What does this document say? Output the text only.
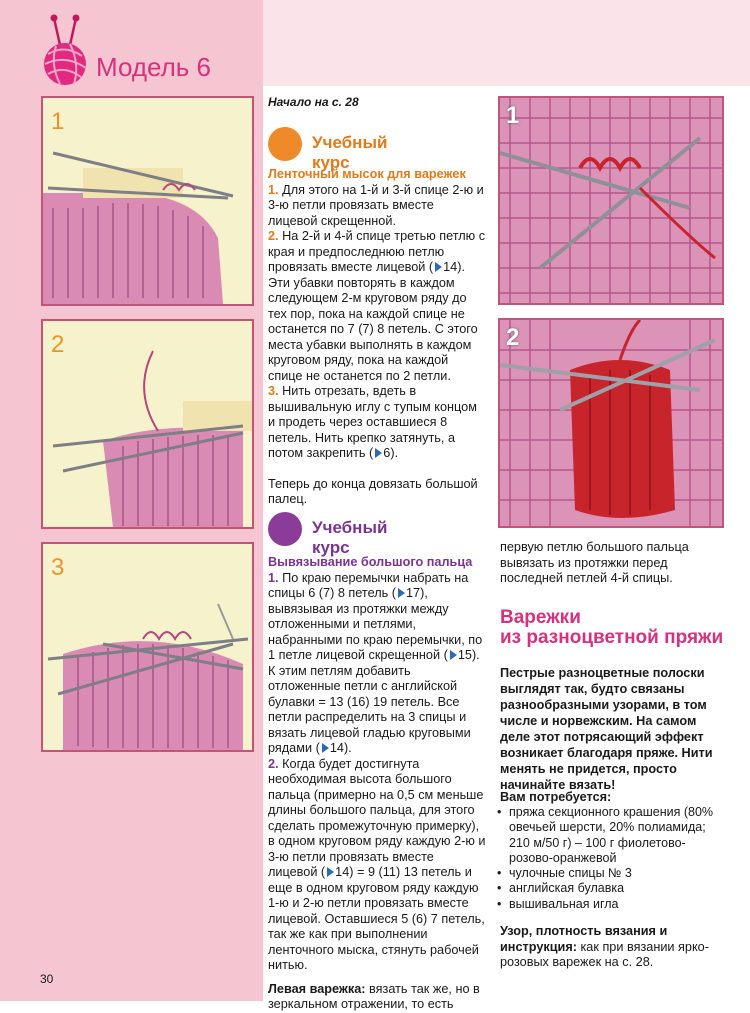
Модель 6
1
2
3
Начало на с. 28
Учебный курс

Ленточный мысок для варежек

1. Для этого на 1-й и 3-й спице 2-ю и 3-ю петли провязать вместе лицевой скрещенной.

2. На 2-й и 4-й спице третью петлю с края и предпоследнюю петлю провязать вместе лицевой ( 14). Эти убавки повторять в каждом следующем 2-м круговом ряду до тех пор, пока на каждой спице не останется по 7 (7) 8 петель. С этого места убавки выполнять в каждом круговом ряду, пока на каждой спице не останется по 2 петли.

3. Нить отрезать, вдеть в вышивальную иглу с тупым концом и продеть через оставшиеся 8 петель. Нить крепко затянуть, а потом закрепить ( 6).

Теперь до конца довязать большой палец.

Учебный курс

Вывязывание большого пальца

1. По краю перемычки набрать на спицы 6 (7) 8 петель ( 17), вывязывая из протяжки между отложенными и петлями, набранными по краю перемычки, по 1 петле лицевой скрещенной ( 15). К этим петлям добавить отложенные петли с английской булавки = 13 (16) 19 петель. Все петли распределить на 3 спицы и вязать лицевой гладью круговыми рядами ( 14).

2. Когда будет достигнута необходимая высота большого пальца (примерно на 0,5 см меньше длины большого пальца, для этого сделать промежуточную примерку), в одном круговом ряду каждую 2-ю и 3-ю петли провязать вместе лицевой ( 14) = 9 (11) 13 петель и еще в одном круговом ряду каждую 1-ю и 2-ю петли провязать вместе лицевой. Оставшиеся 5 (6) 7 петель, так же как при выполнении ленточного мыска, стянуть рабочей нитью.

Левая варежка: вязать так же, но в зеркальном отражении, то есть

1
2

первую петлю большого пальца вывязать из протяжки перед последней петлей 4-й спицы.

Варежки
из разноцветной пряжи
Пестрые разноцветные полоски выглядят так, будто связаны разнообразными узорами, в том числе и норвежским. На самом деле этот потрясающий эффект возникает благодаря пряже. Нити менять не придется, просто начинайте вязать!
Вам потребуется:
• пряжа секционного крашения (80% овечьей шерсти, 20% полиамида; 210 м/50 г) – 100 г фиолетово-розово-оранжевой
• чулочные спицы № 3
• английская булавка
• вышивальная игла
Узор, плотность вязания и инструкция: как при вязании ярко-розовых варежек на с. 28.
30
